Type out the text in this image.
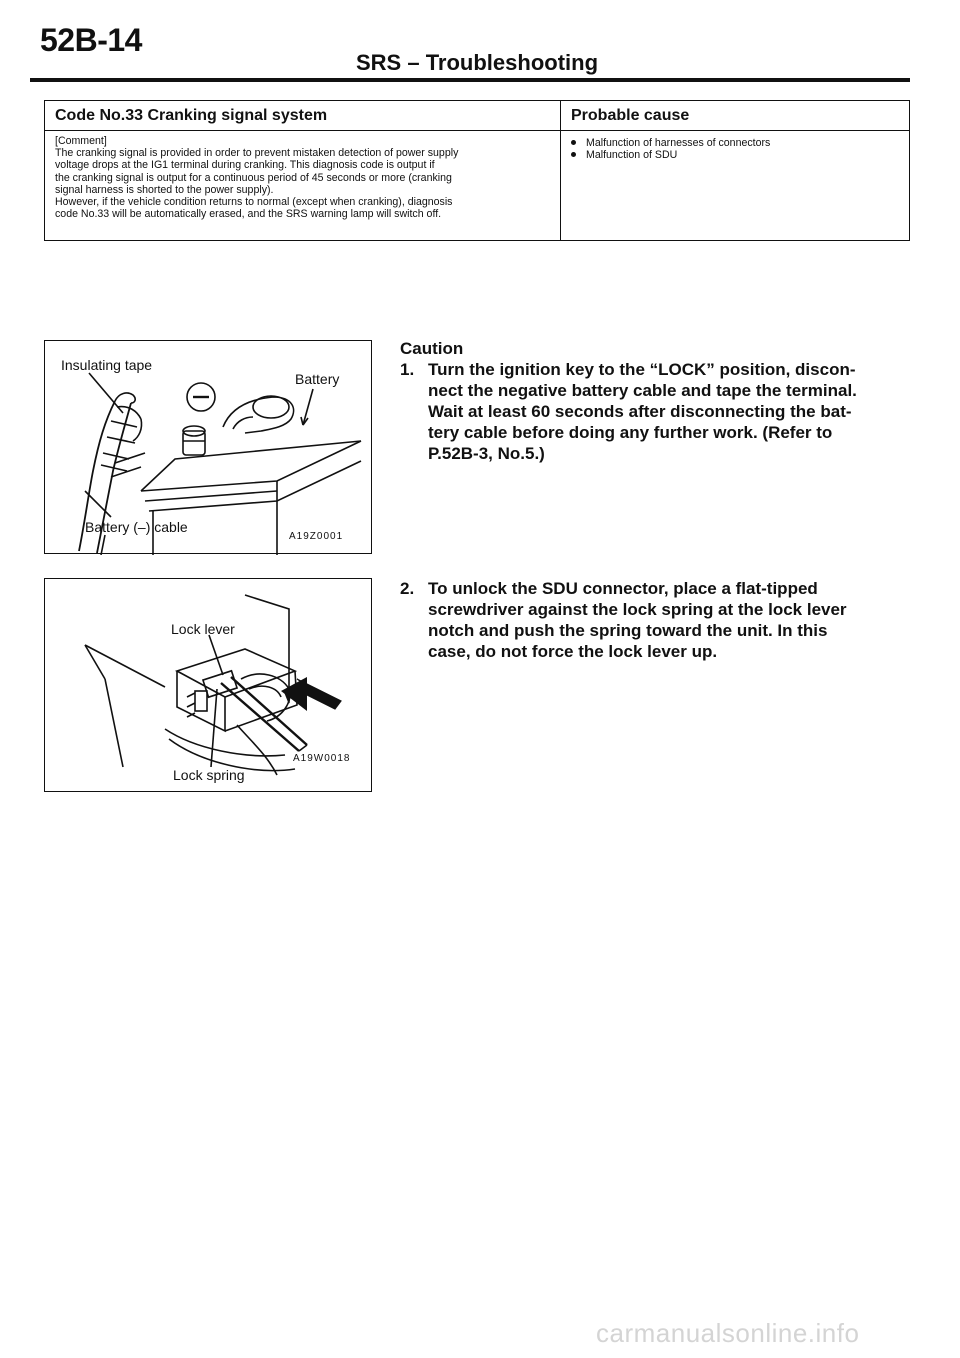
52B-14
SRS – Troubleshooting
Code No.33 Cranking signal system
[Comment]
The cranking signal is provided in order to prevent mistaken detection of power supply
voltage drops at the IG1 terminal during cranking. This diagnosis code is output if
the cranking signal is output for a continuous period of 45 seconds or more (cranking
signal harness is shorted to the power supply).
However, if the vehicle condition returns to normal (except when cranking), diagnosis
code No.33 will be automatically erased, and the SRS warning lamp will switch off.
Probable cause
Malfunction of harnesses of connectors
Malfunction of SDU
Insulating tape
Battery
Battery (–) cable
A19Z0001
Lock lever
Lock spring
A19W0018
Caution
1. Turn the ignition key to the “LOCK” position, discon-
nect the negative battery cable and tape the terminal.
Wait at least 60 seconds after disconnecting the bat-
tery cable before doing any further work. (Refer to
P.52B-3, No.5.)
2. To unlock the SDU connector, place a flat-tipped
screwdriver against the lock spring at the lock lever
notch and push the spring toward the unit. In this
case, do not force the lock lever up.
carmanualsonline.info
